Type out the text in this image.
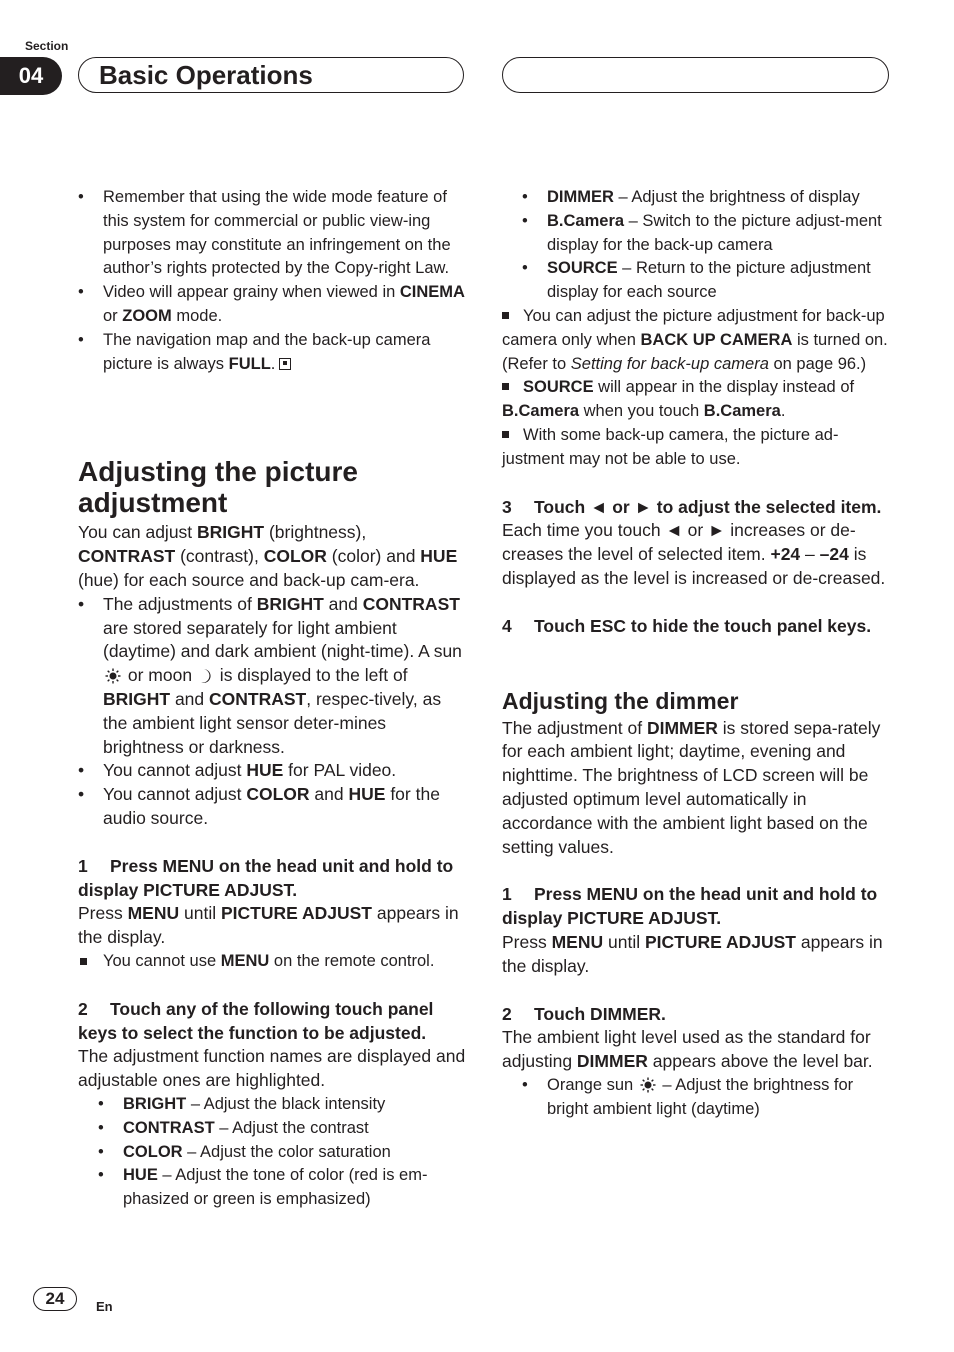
Section
04	Basic Operations
• Remember that using the wide mode feature of this system for commercial or public view-ing purposes may constitute an infringement on the author’s rights protected by the Copy-right Law.
• Video will appear grainy when viewed in CINEMA or ZOOM mode.
• The navigation map and the back-up camera picture is always FULL.
Adjusting the picture adjustment

You can adjust BRIGHT (brightness), CONTRAST (contrast), COLOR (color) and HUE (hue) for each source and back-up cam-era.

• The adjustments of BRIGHT and CONTRAST are stored separately for light ambient (daytime) and dark ambient (night-time). A sun  or moon  is displayed to the left of BRIGHT and CONTRAST, respec-tively, as the ambient light sensor deter-mines brightness or darkness.
• You cannot adjust HUE for PAL video.
• You cannot adjust COLOR and HUE for the audio source.

1 Press MENU on the head unit and hold to display PICTURE ADJUST.

Press MENU until PICTURE ADJUST appears in the display.

You cannot use MENU on the remote control.

2 Touch any of the following touch panel keys to select the function to be adjusted.

The adjustment function names are displayed and adjustable ones are highlighted.

• BRIGHT – Adjust the black intensity
• CONTRAST – Adjust the contrast
• COLOR – Adjust the color saturation
• HUE – Adjust the tone of color (red is em-phasized or green is emphasized)
• DIMMER – Adjust the brightness of display
• B.Camera – Switch to the picture adjust-ment display for the back-up camera
• SOURCE – Return to the picture adjustment display for each source
You can adjust the picture adjustment for back-up camera only when BACK UP CAMERA is turned on. (Refer to Setting for back-up camera on page 96.)
SOURCE will appear in the display instead of B.Camera when you touch B.Camera.
With some back-up camera, the picture ad-justment may not be able to use.

3 Touch ◄ or ► to adjust the selected item.

Each time you touch ◄ or ► increases or de-creases the level of selected item. +24 – –24 is displayed as the level is increased or de-creased.

4 Touch ESC to hide the touch panel keys.

Adjusting the dimmer

The adjustment of DIMMER is stored sepa-rately for each ambient light; daytime, evening and nighttime. The brightness of LCD screen will be adjusted optimum level automatically in accordance with the ambient light based on the setting values.

1 Press MENU on the head unit and hold to display PICTURE ADJUST.

Press MENU until PICTURE ADJUST appears in the display.

2 Touch DIMMER.

The ambient light level used as the standard for adjusting DIMMER appears above the level bar.

• Orange sun  – Adjust the brightness for bright ambient light (daytime)
24	En
